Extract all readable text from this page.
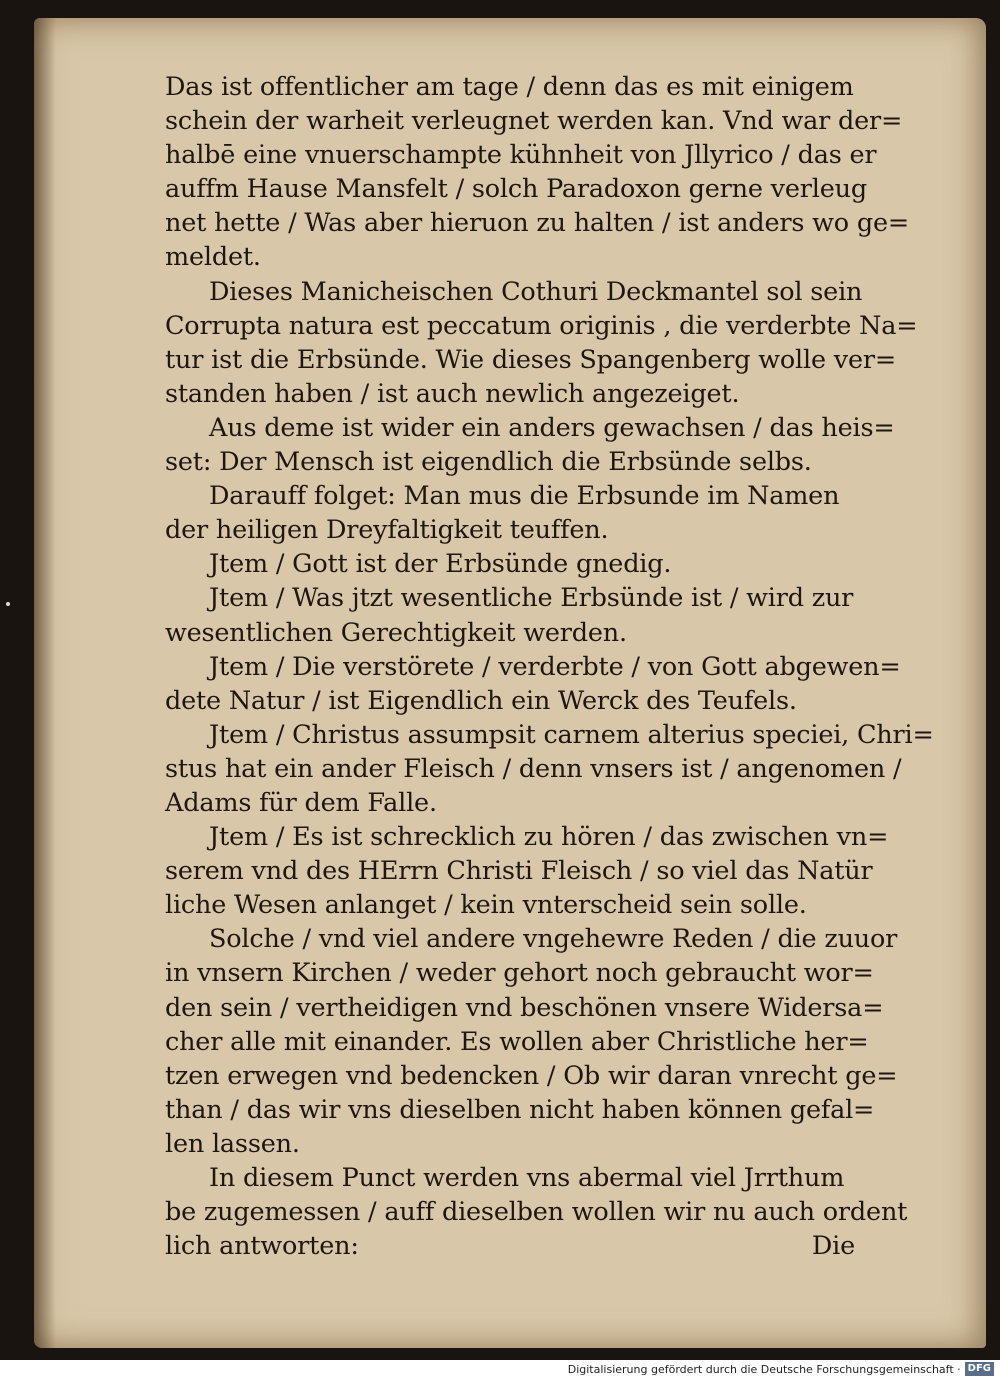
Das ist offentlicher am tage / denn das es mit einigem
schein der warheit verleugnet werden kan. Vnd war der=
halbē eine vnuerschampte kühnheit von Jllyrico / das er
auffm Hause Mansfelt / solch Paradoxon gerne verleug
net hette / Was aber hieruon zu halten / ist anders wo ge=
meldet.
Dieses Manicheischen Cothuri Deckmantel sol sein
Corrupta natura est peccatum originis , die verderbte Na=
tur ist die Erbsünde. Wie dieses Spangenberg wolle ver=
standen haben / ist auch newlich angezeiget.
Aus deme ist wider ein anders gewachsen / das heis=
set: Der Mensch ist eigendlich die Erbsünde selbs.
Darauff folget: Man mus die Erbsunde im Namen
der heiligen Dreyfaltigkeit teuffen.
Jtem / Gott ist der Erbsünde gnedig.
Jtem / Was jtzt wesentliche Erbsünde ist / wird zur
wesentlichen Gerechtigkeit werden.
Jtem / Die verstörete / verderbte / von Gott abgewen=
dete Natur / ist Eigendlich ein Werck des Teufels.
Jtem / Christus assumpsit carnem alterius speciei, Chri=
stus hat ein ander Fleisch / denn vnsers ist / angenomen /
Adams für dem Falle.
Jtem / Es ist schrecklich zu hören / das zwischen vn=
serem vnd des HErrn Christi Fleisch / so viel das Natür
liche Wesen anlanget / kein vnterscheid sein solle.
Solche / vnd viel andere vngehewre Reden / die zuuor
in vnsern Kirchen / weder gehort noch gebraucht wor=
den sein / vertheidigen vnd beschönen vnsere Widersa=
cher alle mit einander. Es wollen aber Christliche her=
tzen erwegen vnd bedencken / Ob wir daran vnrecht ge=
than / das wir vns dieselben nicht haben können gefal=
len lassen.
In diesem Punct werden vns abermal viel Jrrthum
be zugemessen / auff dieselben wollen wir nu auch ordent
lich antworten:	Die
Digitalisierung gefördert durch die Deutsche Forschungsgemeinschaft · DFG
